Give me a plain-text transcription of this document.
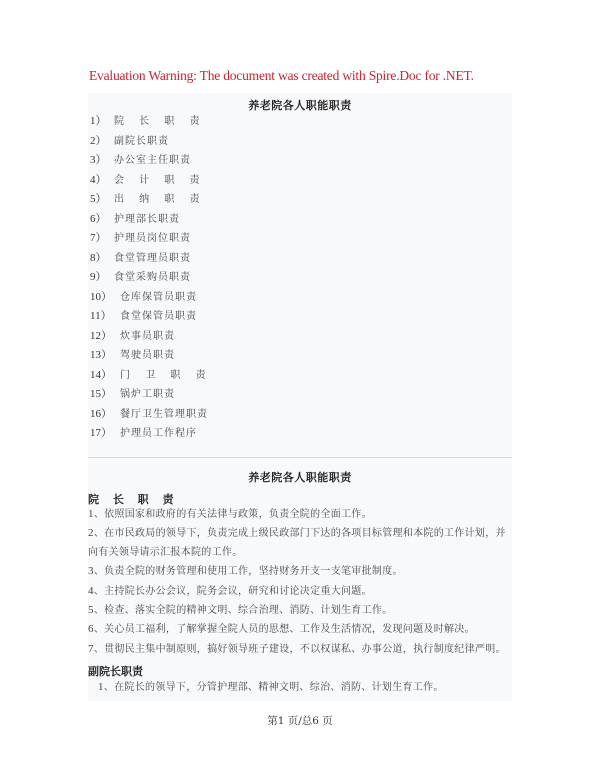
Evaluation Warning: The document was created with Spire.Doc for .NET.
养老院各人职能职责
1） 院 长 职 责
2） 副院长职责
3） 办公室主任职责
4） 会 计 职 责
5） 出 纳 职 责
6） 护理部长职责
7） 护理员岗位职责
8） 食堂管理员职责
9） 食堂采购员职责
10） 仓库保管员职责
11） 食堂保管员职责
12） 炊事员职责
13） 驾驶员职责
14） 门 卫 职 责
15） 锅炉工职责
16） 餐厅卫生管理职责
17） 护理员工作程序
养老院各人职能职责
院 长 职 责
1、依照国家和政府的有关法律与政策，负责全院的全面工作。
2、在市民政局的领导下，负责完成上级民政部门下达的各项目标管理和本院的工作计划，并向有关领导请示汇报本院的工作。
3、负责全院的财务管理和使用工作，坚持财务开支一支笔审批制度。
4、主持院长办公会议，院务会议，研究和讨论决定重大问题。
5、检查、落实全院的精神文明、综合治理、消防、计划生育工作。
6、关心员工福利，了解掌握全院人员的思想、工作及生活情况，发现问题及时解决。
7、贯彻民主集中制原则，搞好领导班子建设，不以权谋私、办事公道，执行制度纪律严明。
副院长职责
1、在院长的领导下，分管护理部、精神文明、综治、消防、计划生育工作。
第1 页/总6 页
